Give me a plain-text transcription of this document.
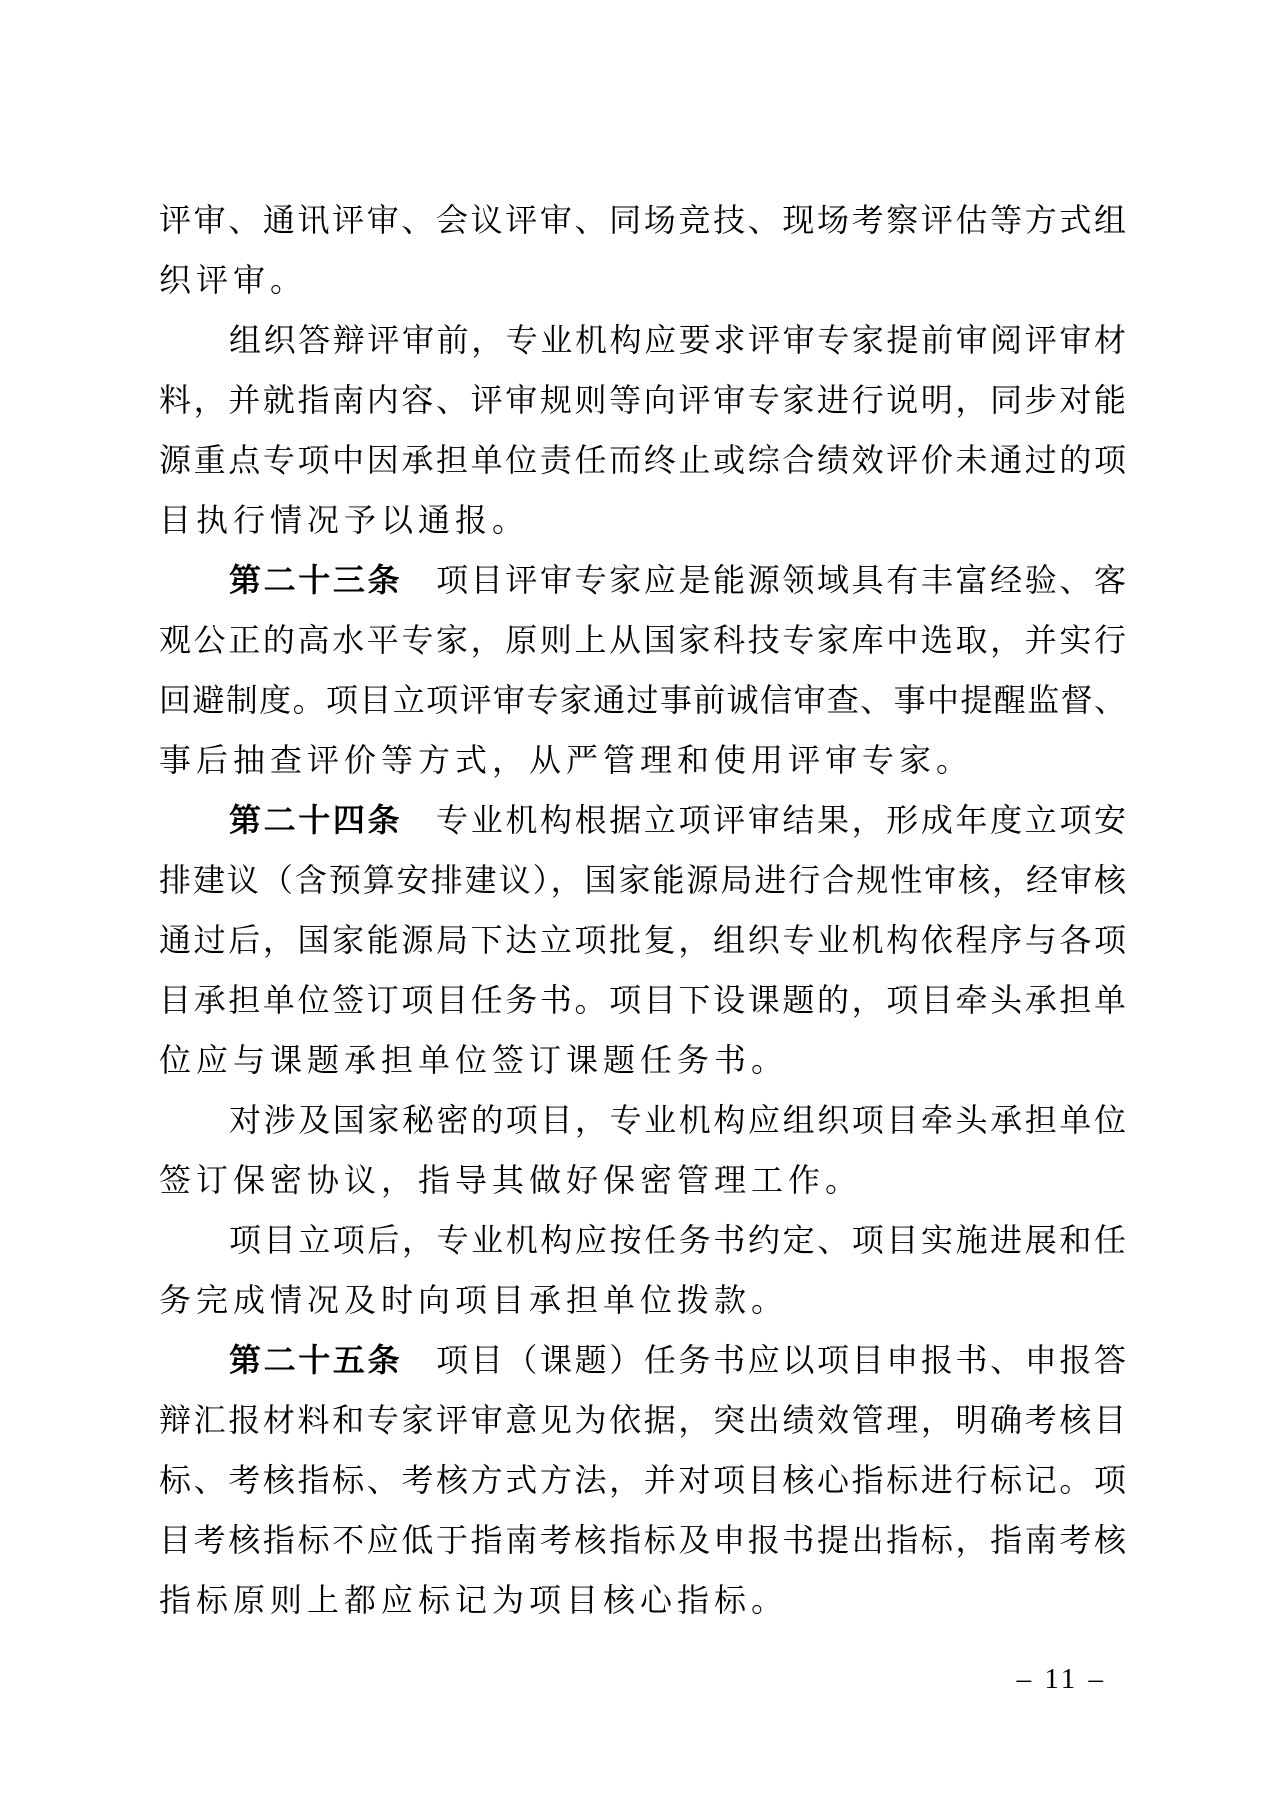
评审、通讯评审、会议评审、同场竞技、现场考察评估等方式组
织评审。
组织答辩评审前，专业机构应要求评审专家提前审阅评审材
料，并就指南内容、评审规则等向评审专家进行说明，同步对能
源重点专项中因承担单位责任而终止或综合绩效评价未通过的项
目执行情况予以通报。
第二十三条 项目评审专家应是能源领域具有丰富经验、客
观公正的高水平专家，原则上从国家科技专家库中选取，并实行
回避制度。项目立项评审专家通过事前诚信审查、事中提醒监督、
事后抽查评价等方式，从严管理和使用评审专家。
第二十四条 专业机构根据立项评审结果，形成年度立项安
排建议（含预算安排建议），国家能源局进行合规性审核，经审核
通过后，国家能源局下达立项批复，组织专业机构依程序与各项
目承担单位签订项目任务书。项目下设课题的，项目牵头承担单
位应与课题承担单位签订课题任务书。
对涉及国家秘密的项目，专业机构应组织项目牵头承担单位
签订保密协议，指导其做好保密管理工作。
项目立项后，专业机构应按任务书约定、项目实施进展和任
务完成情况及时向项目承担单位拨款。
第二十五条 项目（课题）任务书应以项目申报书、申报答
辩汇报材料和专家评审意见为依据，突出绩效管理，明确考核目
标、考核指标、考核方式方法，并对项目核心指标进行标记。项
目考核指标不应低于指南考核指标及申报书提出指标，指南考核
指标原则上都应标记为项目核心指标。
– 11 –
